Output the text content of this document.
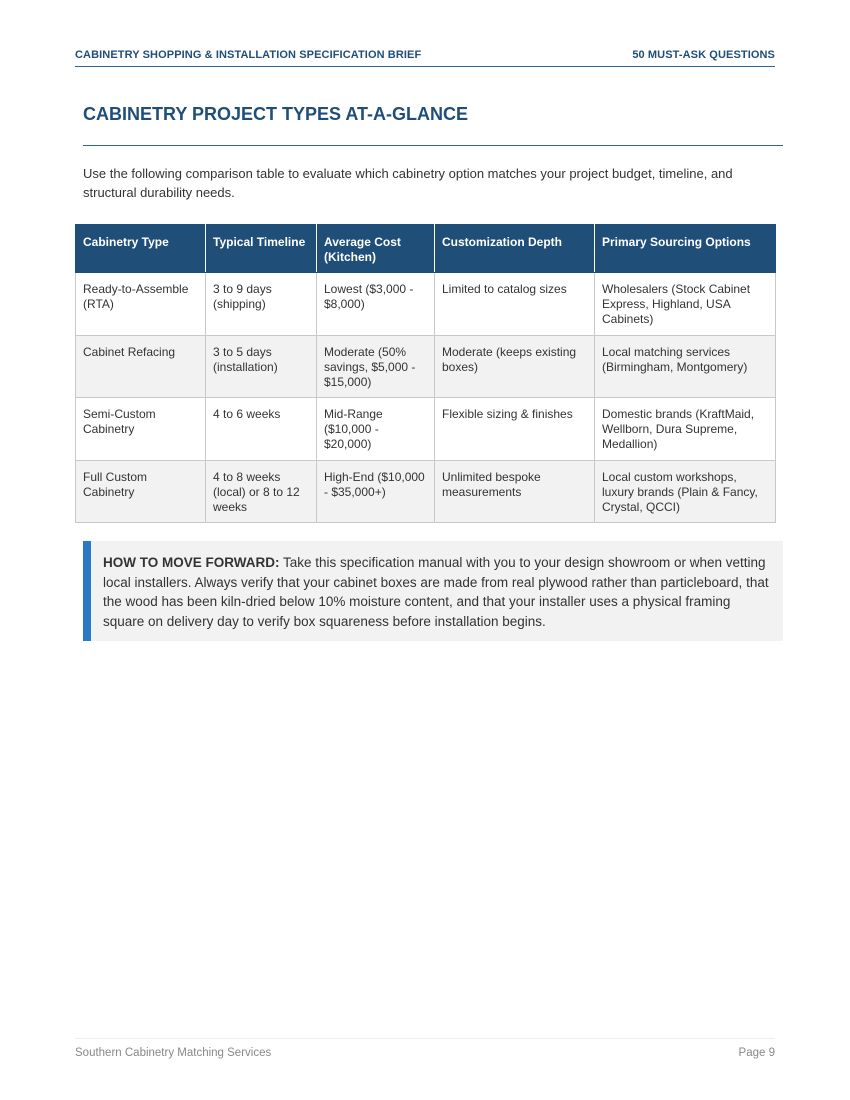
CABINETRY SHOPPING & INSTALLATION SPECIFICATION BRIEF	50 MUST-ASK QUESTIONS
CABINETRY PROJECT TYPES AT-A-GLANCE

Use the following comparison table to evaluate which cabinetry option matches your project budget, timeline, and structural durability needs.

Cabinetry Type	Typical Timeline	Average Cost (Kitchen)	Customization Depth	Primary Sourcing Options
Ready-to-Assemble (RTA)	3 to 9 days (shipping)	Lowest ($3,000 - $8,000)	Limited to catalog sizes	Wholesalers (Stock Cabinet Express, Highland, USA Cabinets)
Cabinet Refacing	3 to 5 days (installation)	Moderate (50% savings, $5,000 - $15,000)	Moderate (keeps existing boxes)	Local matching services (Birmingham, Montgomery)
Semi-Custom Cabinetry	4 to 6 weeks	Mid-Range ($10,000 - $20,000)	Flexible sizing & finishes	Domestic brands (KraftMaid, Wellborn, Dura Supreme, Medallion)
Full Custom Cabinetry	4 to 8 weeks (local) or 8 to 12 weeks	High-End ($10,000 - $35,000+)	Unlimited bespoke measurements	Local custom workshops, luxury brands (Plain & Fancy, Crystal, QCCI)

HOW TO MOVE FORWARD: Take this specification manual with you to your design showroom or when vetting local installers. Always verify that your cabinet boxes are made from real plywood rather than particleboard, that the wood has been kiln-dried below 10% moisture content, and that your installer uses a physical framing square on delivery day to verify box squareness before installation begins.

Southern Cabinetry Matching Services	Page 9
